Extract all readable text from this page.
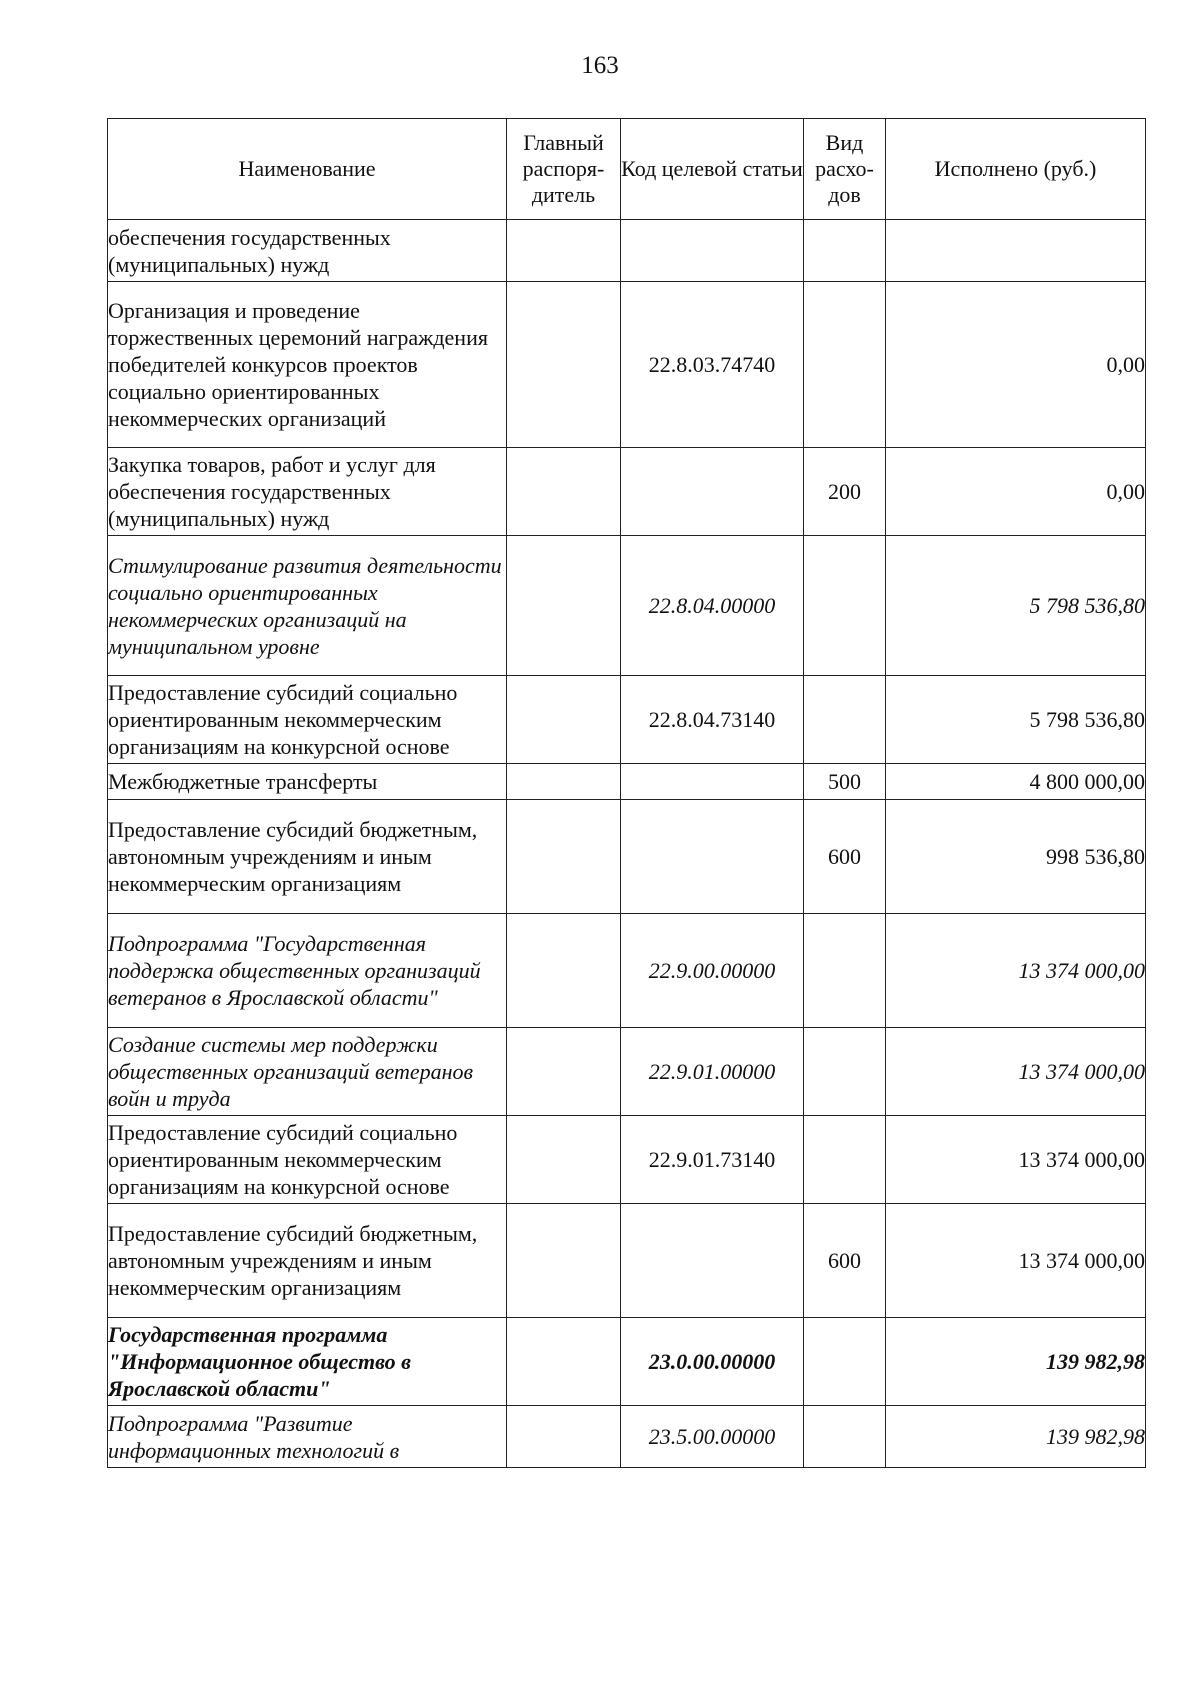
163
Наименование	Главный распоря-дитель	Код целевой статьи	Вид расхо-дов	Исполнено (руб.)
обеспечения государственных (муниципальных) нужд				
Организация и проведение торжественных церемоний награждения победителей конкурсов проектов социально ориентированных некоммерческих организаций		22.8.03.74740		0,00
Закупка товаров, работ и услуг для обеспечения государственных (муниципальных) нужд			200	0,00
Стимулирование развития деятельности социально ориентированных некоммерческих организаций на муниципальном уровне		22.8.04.00000		5 798 536,80
Предоставление субсидий социально ориентированным некоммерческим организациям на конкурсной основе		22.8.04.73140		5 798 536,80
Межбюджетные трансферты			500	4 800 000,00
Предоставление субсидий бюджетным, автономным учреждениям и иным некоммерческим организациям			600	998 536,80
Подпрограмма "Государственная поддержка общественных организаций ветеранов в Ярославской области"		22.9.00.00000		13 374 000,00
Создание системы мер поддержки общественных организаций ветеранов войн и труда		22.9.01.00000		13 374 000,00
Предоставление субсидий социально ориентированным некоммерческим организациям на конкурсной основе		22.9.01.73140		13 374 000,00
Предоставление субсидий бюджетным, автономным учреждениям и иным некоммерческим организациям			600	13 374 000,00
Государственная программа "Информационное общество в Ярославской области"		23.0.00.00000		139 982,98
Подпрограмма "Развитие информационных технологий в		23.5.00.00000		139 982,98
